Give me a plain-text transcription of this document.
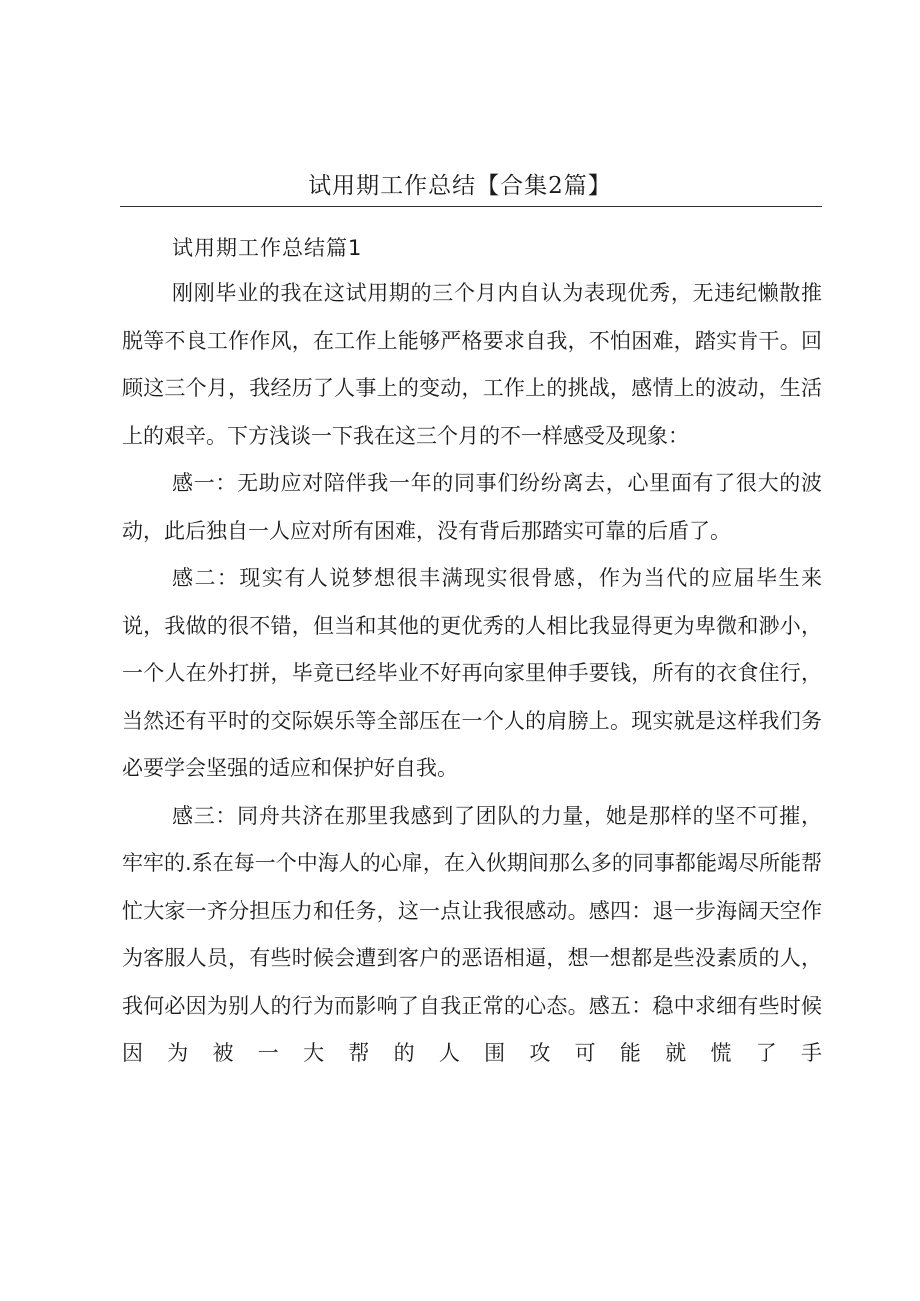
试用期工作总结【合集2篇】
试用期工作总结篇1

刚刚毕业的我在这试用期的三个月内自认为表现优秀，无违纪懒散推脱等不良工作作风，在工作上能够严格要求自我，不怕困难，踏实肯干。回顾这三个月，我经历了人事上的变动，工作上的挑战，感情上的波动，生活上的艰辛。下方浅谈一下我在这三个月的不一样感受及现象：

感一：无助应对陪伴我一年的同事们纷纷离去，心里面有了很大的波动，此后独自一人应对所有困难，没有背后那踏实可靠的后盾了。

感二：现实有人说梦想很丰满现实很骨感，作为当代的应届毕生来说，我做的很不错，但当和其他的更优秀的人相比我显得更为卑微和渺小，一个人在外打拼，毕竟已经毕业不好再向家里伸手要钱，所有的衣食住行，当然还有平时的交际娱乐等全部压在一个人的肩膀上。现实就是这样我们务必要学会坚强的适应和保护好自我。

感三：同舟共济在那里我感到了团队的力量，她是那样的坚不可摧，牢牢的.系在每一个中海人的心扉，在入伙期间那么多的同事都能竭尽所能帮忙大家一齐分担压力和任务，这一点让我很感动。感四：退一步海阔天空作为客服人员，有些时候会遭到客户的恶语相逼，想一想都是些没素质的人，我何必因为别人的行为而影响了自我正常的心态。感五：稳中求细有些时候因为被一大帮的人围攻可能就慌了手
